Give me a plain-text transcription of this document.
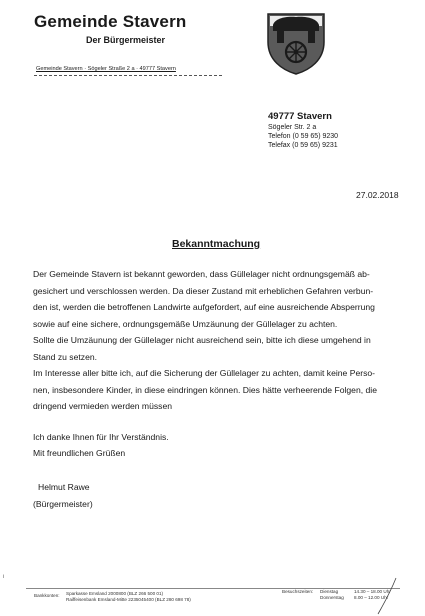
Gemeinde Stavern
Der Bürgermeister
Gemeinde Stavern · Sögeler Straße 2 a · 49777 Stavern
49777 Stavern
Sögeler Str. 2 a
Telefon (0 59 65) 9230
Telefax (0 59 65) 9231
27.02.2018
Bekanntmachung
Der Gemeinde Stavern ist bekannt geworden, dass Güllelager nicht ordnungsgemäß ab-
gesichert und verschlossen werden. Da dieser Zustand mit erheblichen Gefahren verbun-
den ist, werden die betroffenen Landwirte aufgefordert, auf eine ausreichende Absperrung
sowie auf eine sichere, ordnungsgemäße Umzäunung der Güllelager zu achten.
Sollte die Umzäunung der Güllelager nicht ausreichend sein, bitte ich diese umgehend in
Stand zu setzen.
Im Interesse aller bitte ich, auf die Sicherung der Güllelager zu achten, damit keine Perso-
nen, insbesondere Kinder, in diese eindringen können. Dies hätte verheerende Folgen, die
dringend vermieden werden müssen
Ich danke Ihnen für Ihr Verständnis.
Mit freundlichen Grüßen
Helmut Rawe
(Bürgermeister)
i
Bankkonten: Sparkasse Emsland 2000800 (BLZ 266 500 01)
Raiffeisenbank Emsland-Mitte 2235045400 (BLZ 280 698 78)
Besuchszeiten: Dienstag	14.30 – 18.00 Uhr
Donnerstag 8.00 – 12.00 Uhr
